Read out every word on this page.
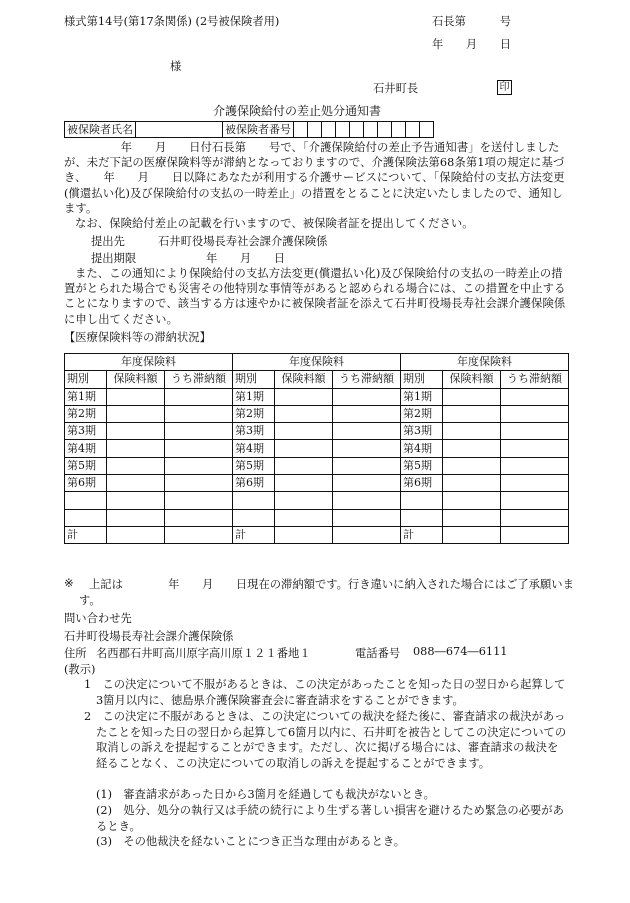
様式第14号(第17条関係) (2号被保険者用)	石長第　　　号
年　　月　　日
様
石井町長	印
介護保険給付の差止処分通知書
被保険者氏名		被保険者番号										
　　年　　月　　日付石長第　　号で、「介護保険給付の差止予告通知書」を送付しましたが、未だ下記の医療保険料等が滞納となっておりますので、介護保険法第68条第1項の規定に基づき、　　年　　月　　日以降にあなたが利用する介護サービスについて、「保険給付の支払方法変更(償還払い化)及び保険給付の支払の一時差止」の措置をとることに決定いたしましたので、通知します。
なお、保険給付差止の記載を行いますので、被保険者証を提出してください。
提出先	石井町役場長寿社会課介護保険係
提出期限	年　　月　　日
また、この通知により保険給付の支払方法変更(償還払い化)及び保険給付の支払の一時差止の措置がとられた場合でも災害その他特別な事情等があると認められる場合には、この措置を中止することになりますので、該当する方は速やかに被保険者証を添えて石井町役場長寿社会課介護保険係に申し出てください。
【医療保険料等の滞納状況】
年度保険料			年度保険料			年度保険料		
期別	保険料額	うち滞納額	期別	保険料額	うち滞納額	期別	保険料額	うち滞納額
第1期			第1期			第1期		
第2期			第2期			第2期		
第3期			第3期			第3期		
第4期			第4期			第4期		
第5期			第5期			第5期		
第6期			第6期			第6期		

計			計			計		
※	上記は　　　　年　　月　　日現在の滞納額です。行き違いに納入された場合にはご了承願います。
問い合わせ先
石井町役場長寿社会課介護保険係
住所 名西郡石井町高川原字高川原１２１番地１	電話番号 088―674―6111
(教示)
1　この決定について不服があるときは、この決定があったことを知った日の翌日から起算して3箇月以内に、徳島県介護保険審査会に審査請求をすることができます。
2　この決定に不服があるときは、この決定についての裁決を経た後に、審査請求の裁決があったことを知った日の翌日から起算して6箇月以内に、石井町を被告としてこの決定についての取消しの訴えを提起することができます。ただし、次に掲げる場合には、審査請求の裁決を経ることなく、この決定についての取消しの訴えを提起することができます。
(1)　審査請求があった日から3箇月を経過しても裁決がないとき。
(2)　処分、処分の執行又は手続の続行により生ずる著しい損害を避けるため緊急の必要があるとき。
(3)　その他裁決を経ないことにつき正当な理由があるとき。
